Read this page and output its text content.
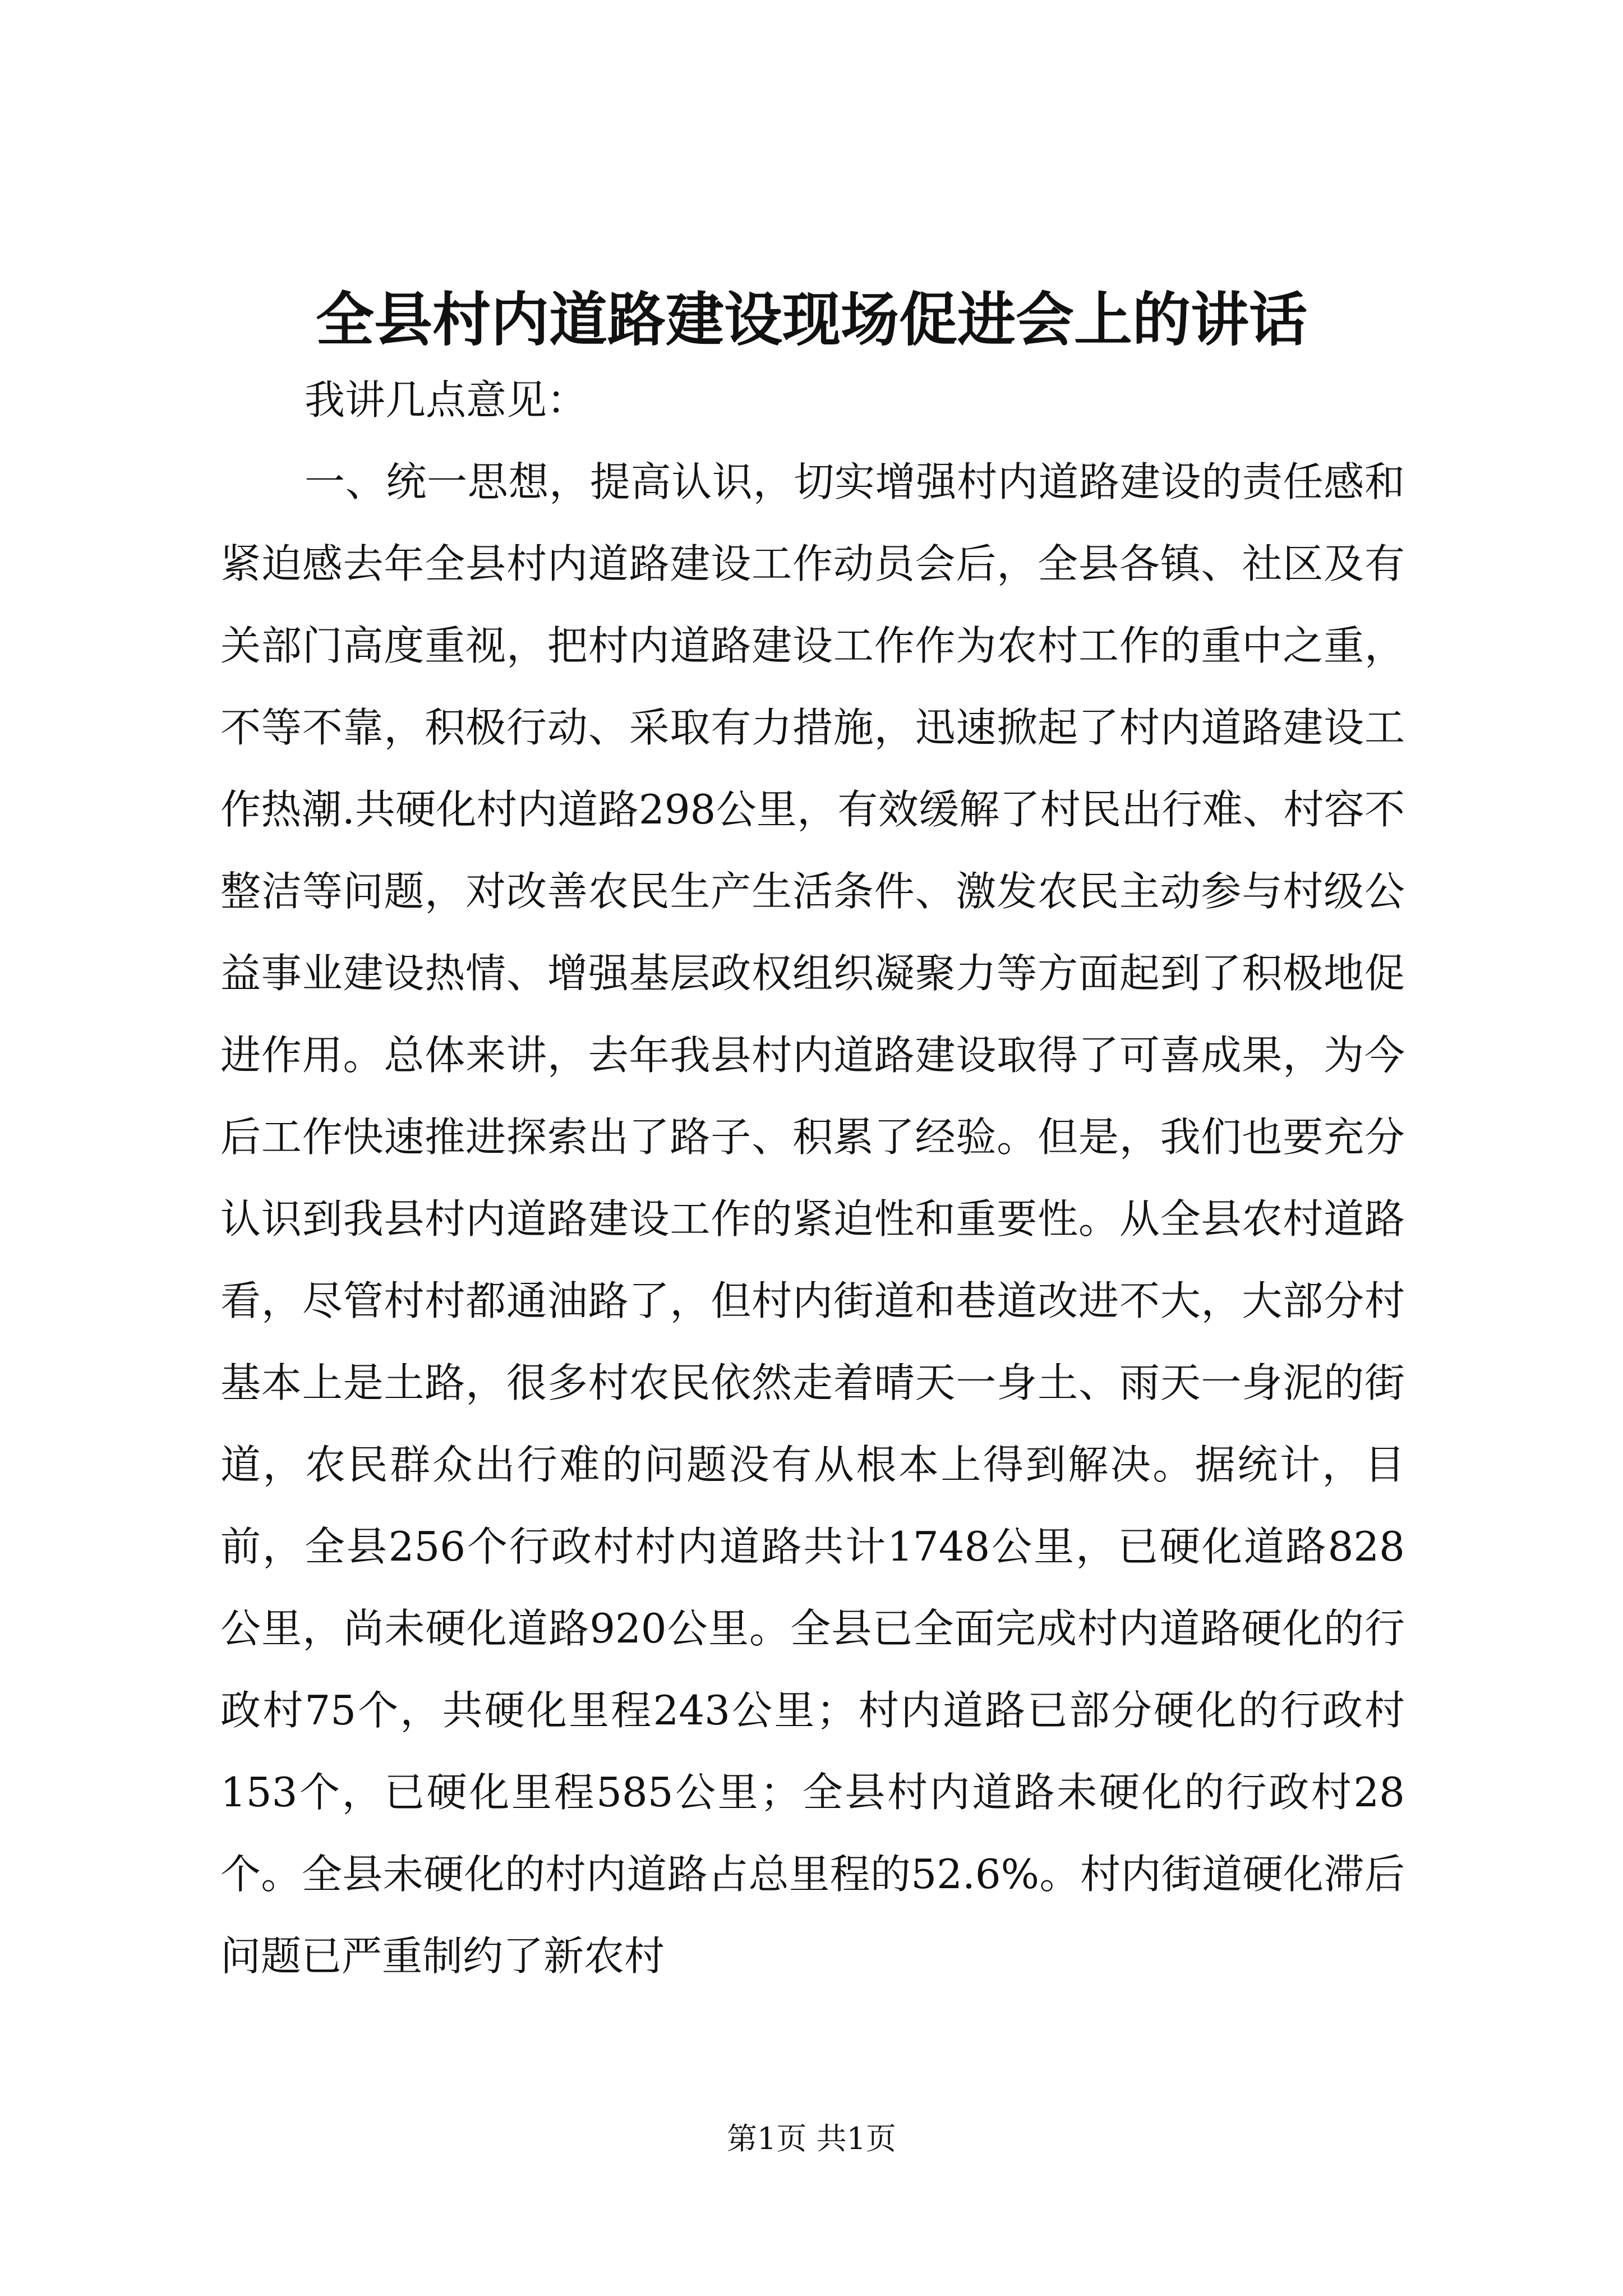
全县村内道路建设现场促进会上的讲话

我讲几点意见：

一、统一思想，提高认识，切实增强村内道路建设的责任感和紧迫感去年全县村内道路建设工作动员会后，全县各镇、社区及有关部门高度重视，把村内道路建设工作作为农村工作的重中之重，不等不靠，积极行动、采取有力措施，迅速掀起了村内道路建设工作热潮.共硬化村内道路298公里，有效缓解了村民出行难、村容不整洁等问题，对改善农民生产生活条件、激发农民主动参与村级公益事业建设热情、增强基层政权组织凝聚力等方面起到了积极地促进作用。总体来讲，去年我县村内道路建设取得了可喜成果，为今后工作快速推进探索出了路子、积累了经验。但是，我们也要充分认识到我县村内道路建设工作的紧迫性和重要性。从全县农村道路看，尽管村村都通油路了，但村内街道和巷道改进不大，大部分村基本上是土路，很多村农民依然走着晴天一身土、雨天一身泥的街道，农民群众出行难的问题没有从根本上得到解决。据统计，目前，全县256个行政村村内道路共计1748公里，已硬化道路828公里，尚未硬化道路920公里。全县已全面完成村内道路硬化的行政村75个，共硬化里程243公里；村内道路已部分硬化的行政村153个，已硬化里程585公里；全县村内道路未硬化的行政村28个。全县未硬化的村内道路占总里程的52.6%。村内街道硬化滞后问题已严重制约了新农村

第1页 共1页
